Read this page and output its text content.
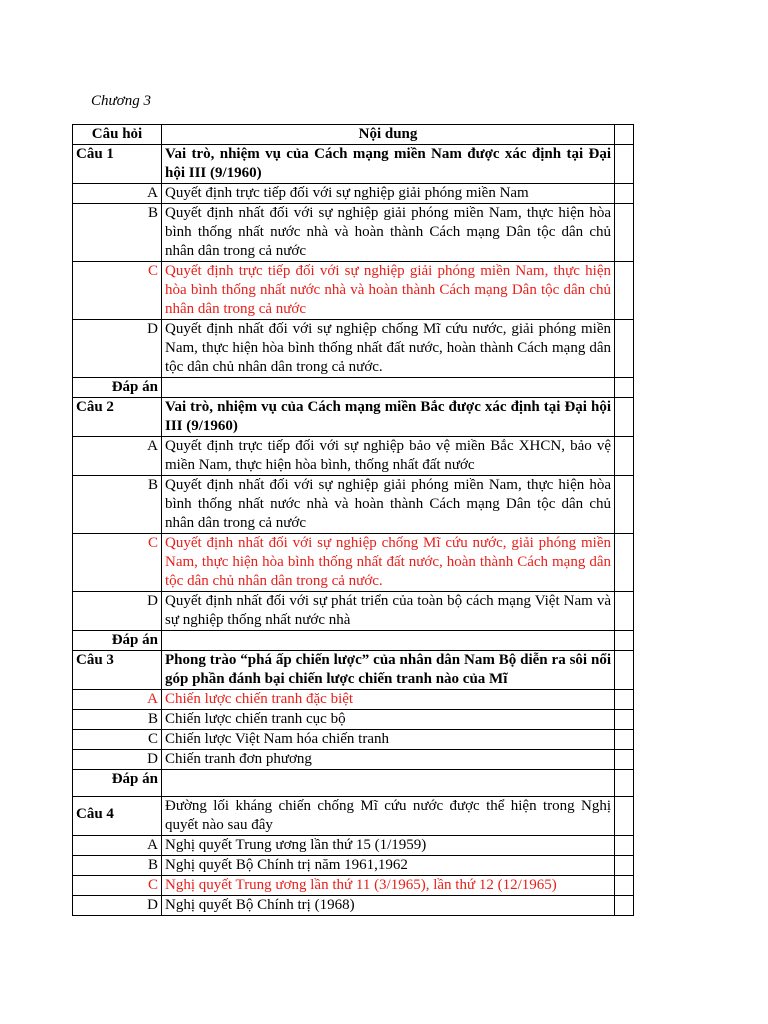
Chương 3
Câu hỏi	Nội dung	
Câu 1	Vai trò, nhiệm vụ của Cách mạng miền Nam được xác định tại Đại hội III (9/1960)	
A	Quyết định trực tiếp đối với sự nghiệp giải phóng miền Nam	
B	Quyết định nhất đối với sự nghiệp giải phóng miền Nam, thực hiện hòa bình thống nhất nước nhà và hoàn thành Cách mạng Dân tộc dân chủ nhân dân trong cả nước	
C	Quyết định trực tiếp đối với sự nghiệp giải phóng miền Nam, thực hiện hòa bình thống nhất nước nhà và hoàn thành Cách mạng Dân tộc dân chủ nhân dân trong cả nước	
D	Quyết định nhất đối với sự nghiệp chống Mĩ cứu nước, giải phóng miền Nam, thực hiện hòa bình thống nhất đất nước, hoàn thành Cách mạng dân tộc dân chủ nhân dân trong cả nước.	
Đáp án		
Câu 2	Vai trò, nhiệm vụ của Cách mạng miền Bắc được xác định tại Đại hội III (9/1960)	
A	Quyết định trực tiếp đối với sự nghiệp bảo vệ miền Bắc XHCN, bảo vệ miền Nam, thực hiện hòa bình, thống nhất đất nước	
B	Quyết định nhất đối với sự nghiệp giải phóng miền Nam, thực hiện hòa bình thống nhất nước nhà và hoàn thành Cách mạng Dân tộc dân chủ nhân dân trong cả nước	
C	Quyết định nhất đối với sự nghiệp chống Mĩ cứu nước, giải phóng miền Nam, thực hiện hòa bình thống nhất đất nước, hoàn thành Cách mạng dân tộc dân chủ nhân dân trong cả nước.	
D	Quyết định nhất đối với sự phát triển của toàn bộ cách mạng Việt Nam và sự nghiệp thống nhất nước nhà	
Đáp án		
Câu 3	Phong trào “phá ấp chiến lược” của nhân dân Nam Bộ diễn ra sôi nổi góp phần đánh bại chiến lược chiến tranh nào của Mĩ	
A	Chiến lược chiến tranh đặc biệt	
B	Chiến lược chiến tranh cục bộ	
C	Chiến lược Việt Nam hóa chiến tranh	
D	Chiến tranh đơn phương	
Đáp án		
Câu 4	Đường lối kháng chiến chống Mĩ cứu nước được thể hiện trong Nghị quyết nào sau đây	
A	Nghị quyết Trung ương lần thứ 15 (1/1959)	
B	Nghị quyết Bộ Chính trị năm 1961,1962	
C	Nghị quyết Trung ương lần thứ 11 (3/1965), lần thứ 12 (12/1965)	
D	Nghị quyết Bộ Chính trị (1968)	
